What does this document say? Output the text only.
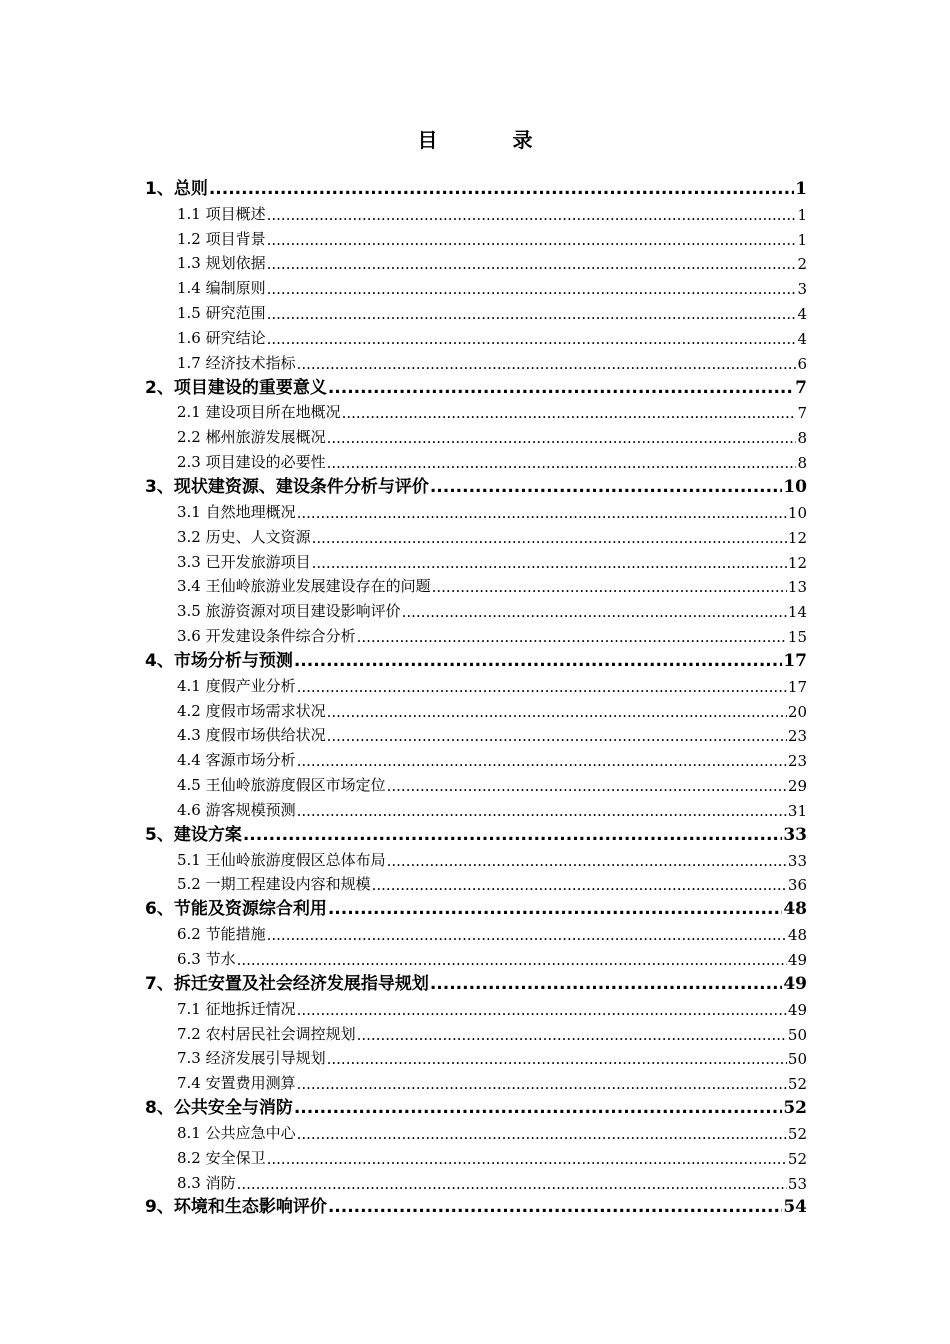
目 录
1、总则 .....	1
1.1 项目概述 .....	1
1.2 项目背景 .....	1
1.3 规划依据 .....	2
1.4 编制原则 .....	3
1.5 研究范围 .....	4
1.6 研究结论 .....	4
1.7 经济技术指标 .....	6
2、项目建设的重要意义 .....	7
2.1 建设项目所在地概况 .....	7
2.2 郴州旅游发展概况 .....	8
2.3 项目建设的必要性 .....	8
3、现状建资源、建设条件分析与评价 .....	10
3.1 自然地理概况 .....	10
3.2 历史、人文资源 .....	12
3.3 已开发旅游项目 .....	12
3.4 王仙岭旅游业发展建设存在的问题 .....	13
3.5 旅游资源对项目建设影响评价 .....	14
3.6 开发建设条件综合分析 .....	15
4、市场分析与预测 .....	17
4.1 度假产业分析 .....	17
4.2 度假市场需求状况 .....	20
4.3 度假市场供给状况 .....	23
4.4 客源市场分析 .....	23
4.5 王仙岭旅游度假区市场定位 .....	29
4.6 游客规模预测 .....	31
5、建设方案 .....	33
5.1 王仙岭旅游度假区总体布局 .....	33
5.2 一期工程建设内容和规模 .....	36
6、节能及资源综合利用 .....	48
6.2 节能措施 .....	48
6.3 节水 .....	49
7、拆迁安置及社会经济发展指导规划 .....	49
7.1 征地拆迁情况 .....	49
7.2 农村居民社会调控规划 .....	50
7.3 经济发展引导规划 .....	50
7.4 安置费用测算 .....	52
8、公共安全与消防 .....	52
8.1 公共应急中心 .....	52
8.2 安全保卫 .....	52
8.3 消防 .....	53
9、环境和生态影响评价 .....	54
